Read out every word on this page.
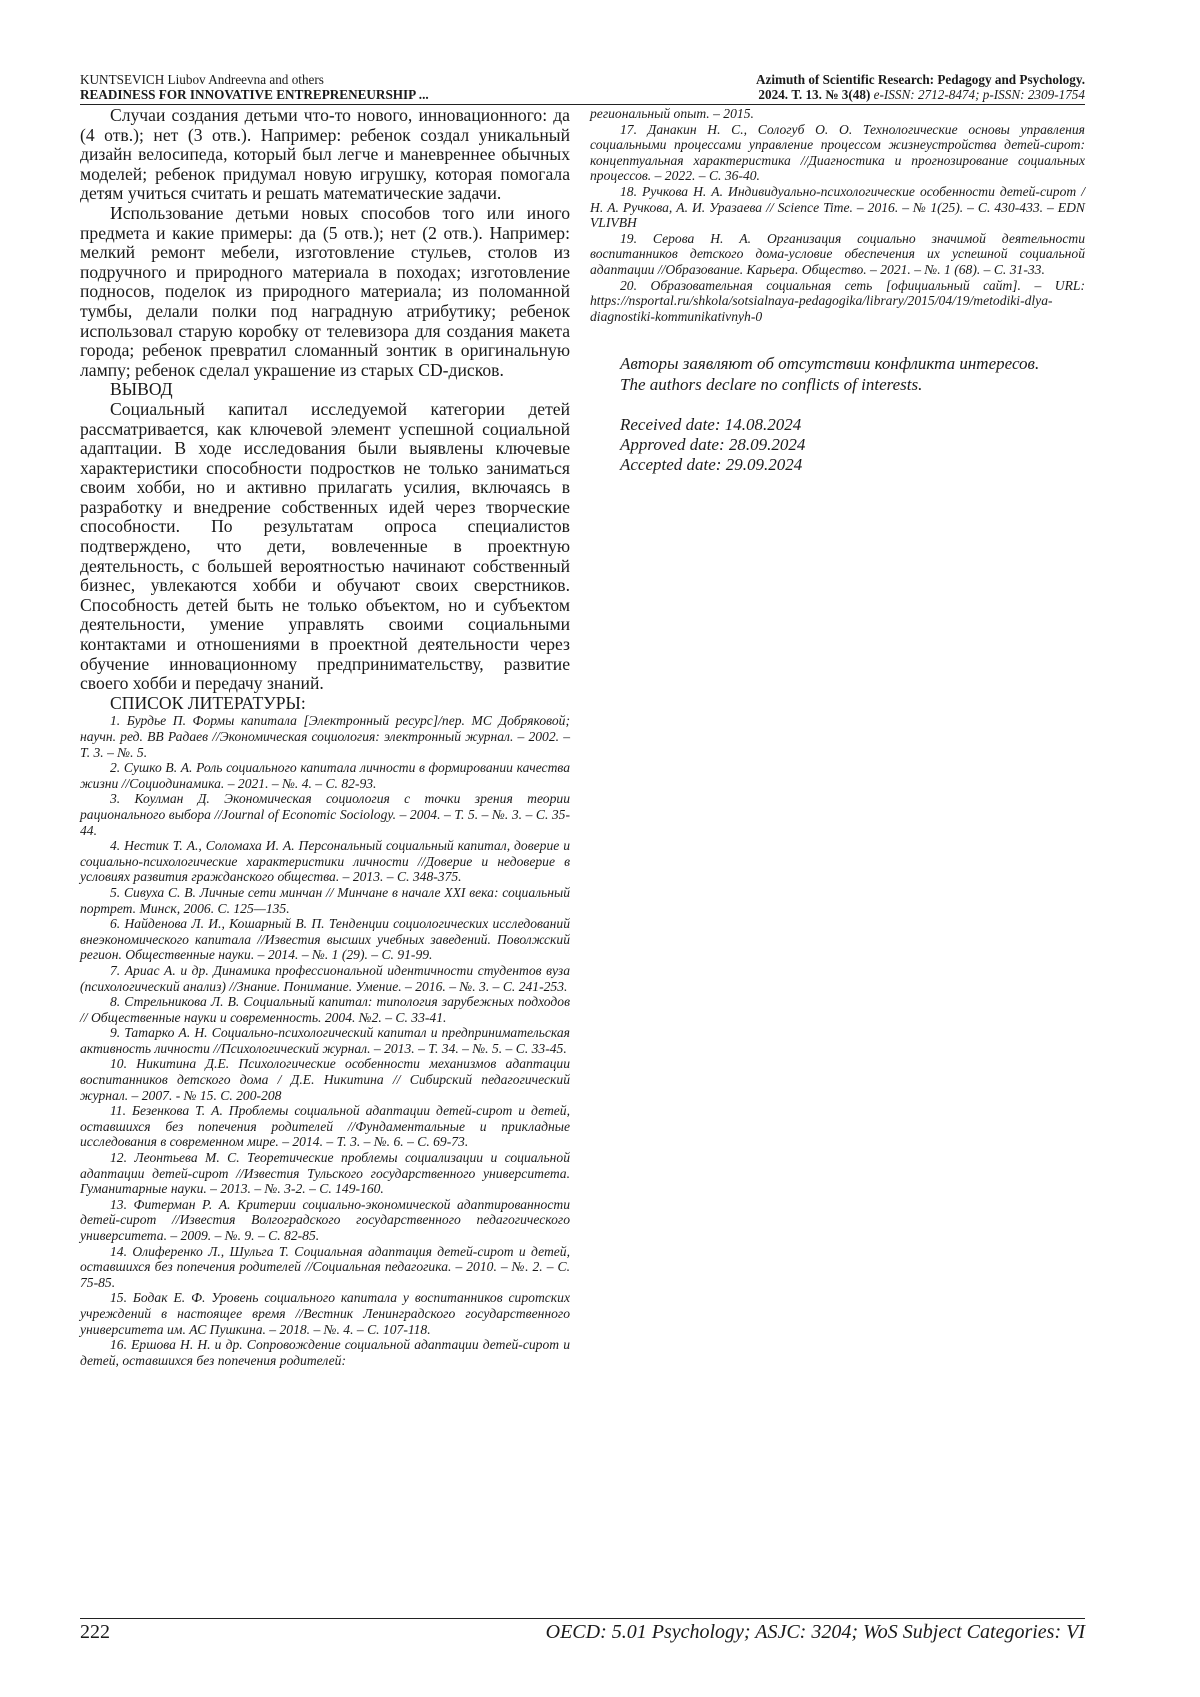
KUNTSEVICH Liubov Andreevna and others
READINESS FOR INNOVATIVE ENTREPRENEURSHIP ...
Azimuth of Scientific Research: Pedagogy and Psychology.
2024. Т. 13. № 3(48) e-ISSN: 2712-8474; p-ISSN: 2309-1754

Случаи создания детьми что-то нового, инновационного: да (4 отв.); нет (3 отв.). Например: ребенок создал уникальный дизайн велосипеда, который был легче и маневреннее обычных моделей; ребенок придумал новую игрушку, которая помогала детям учиться считать и решать математические задачи.

Использование детьми новых способов того или иного предмета и какие примеры: да (5 отв.); нет (2 отв.). Например: мелкий ремонт мебели, изготовление стульев, столов из подручного и природного материала в походах; изготовление подносов, поделок из природного материала; из поломанной тумбы, делали полки под наградную атрибутику; ребенок использовал старую коробку от телевизора для создания макета города; ребенок превратил сломанный зонтик в оригинальную лампу; ребенок сделал украшение из старых CD-дисков.

ВЫВОД

Социальный капитал исследуемой категории детей рассматривается, как ключевой элемент успешной социальной адаптации. В ходе исследования были выявлены ключевые характеристики способности подростков не только заниматься своим хобби, но и активно прилагать усилия, включаясь в разработку и внедрение собственных идей через творческие способности. По результатам опроса специалистов подтверждено, что дети, вовлеченные в проектную деятельность, с большей вероятностью начинают собственный бизнес, увлекаются хобби и обучают своих сверстников. Способность детей быть не только объектом, но и субъектом деятельности, умение управлять своими социальными контактами и отношениями в проектной деятельности через обучение инновационному предпринимательству, развитие своего хобби и передачу знаний.

СПИСОК ЛИТЕРАТУРЫ:

1. Бурдье П. Формы капитала [Электронный ресурс]/пер. МС Добряковой; научн. ред. ВВ Радаев //Экономическая социология: электронный журнал. – 2002. – Т. 3. – №. 5.

2. Сушко В. А. Роль социального капитала личности в формировании качества жизни //Социодинамика. – 2021. – №. 4. – С. 82-93.

3. Коулман Д. Экономическая социология с точки зрения теории рационального выбора //Journal of Economic Sociology. – 2004. – Т. 5. – №. 3. – С. 35-44.

4. Нестик Т. А., Соломаха И. А. Персональный социальный капитал, доверие и социально-психологические характеристики личности //Доверие и недоверие в условиях развития гражданского общества. – 2013. – С. 348-375.

5. Сивуха С. В. Личные сети минчан // Минчане в начале XXI века: социальный портрет. Минск, 2006. С. 125—135.

6. Найденова Л. И., Кошарный В. П. Тенденции социологических исследований внеэкономического капитала //Известия высших учебных заведений. Поволжский регион. Общественные науки. – 2014. – №. 1 (29). – С. 91-99.

7. Ариас А. и др. Динамика профессиональной идентичности студентов вуза (психологический анализ) //Знание. Понимание. Умение. – 2016. – №. 3. – С. 241-253.

8. Стрельникова Л. В. Социальный капитал: типология зарубежных подходов // Общественные науки и современность. 2004. №2. – С. 33-41.

9. Татарко А. Н. Социально-психологический капитал и предпринимательская активность личности //Психологический журнал. – 2013. – Т. 34. – №. 5. – С. 33-45.

10. Никитина Д.Е. Психологические особенности механизмов адаптации воспитанников детского дома / Д.Е. Никитина // Сибирский педагогический журнал. – 2007. - № 15. С. 200-208

11. Безенкова Т. А. Проблемы социальной адаптации детей-сирот и детей, оставшихся без попечения родителей //Фундаментальные и прикладные исследования в современном мире. – 2014. – Т. 3. – №. 6. – С. 69-73.

12. Леонтьева М. С. Теоретические проблемы социализации и социальной адаптации детей-сирот //Известия Тульского государственного университета. Гуманитарные науки. – 2013. – №. 3-2. – С. 149-160.

13. Фитерман Р. А. Критерии социально-экономической адаптированности детей-сирот //Известия Волгоградского государственного педагогического университета. – 2009. – №. 9. – С. 82-85.

14. Олиференко Л., Шульга Т. Социальная адаптация детей-сирот и детей, оставшихся без попечения родителей //Социальная педагогика. – 2010. – №. 2. – С. 75-85.

15. Бодак Е. Ф. Уровень социального капитала у воспитанников сиротских учреждений в настоящее время //Вестник Ленинградского государственного университета им. АС Пушкина. – 2018. – №. 4. – С. 107-118.

16. Ершова Н. Н. и др. Сопровождение социальной адаптации детей-сирот и детей, оставшихся без попечения родителей:

региональный опыт. – 2015.

17. Данакин Н. С., Сологуб О. О. Технологические основы управления социальными процессами управление процессом жизнеустройства детей-сирот: концептуальная характеристика //Диагностика и прогнозирование социальных процессов. – 2022. – С. 36-40.

18. Ручкова Н. А. Индивидуально-психологические особенности детей-сирот / Н. А. Ручкова, А. И. Уразаева // Science Time. – 2016. – № 1(25). – С. 430-433. – EDN VLIVBH

19. Серова Н. А. Организация социально значимой деятельности воспитанников детского дома-условие обеспечения их успешной социальной адаптации //Образование. Карьера. Общество. – 2021. – №. 1 (68). – С. 31-33.

20. Образовательная социальная сеть [официальный сайт]. – URL: https://nsportal.ru/shkola/sotsialnaya-pedagogika/library/2015/04/19/metodiki-dlya-diagnostiki-kommunikativnyh-0

Авторы заявляют об отсутствии конфликта интересов.

The authors declare no conflicts of interests.

Received date: 14.08.2024
Approved date: 28.09.2024
Accepted date: 29.09.2024
222	OECD: 5.01 Psychology; ASJC: 3204; WoS Subject Categories: VI
